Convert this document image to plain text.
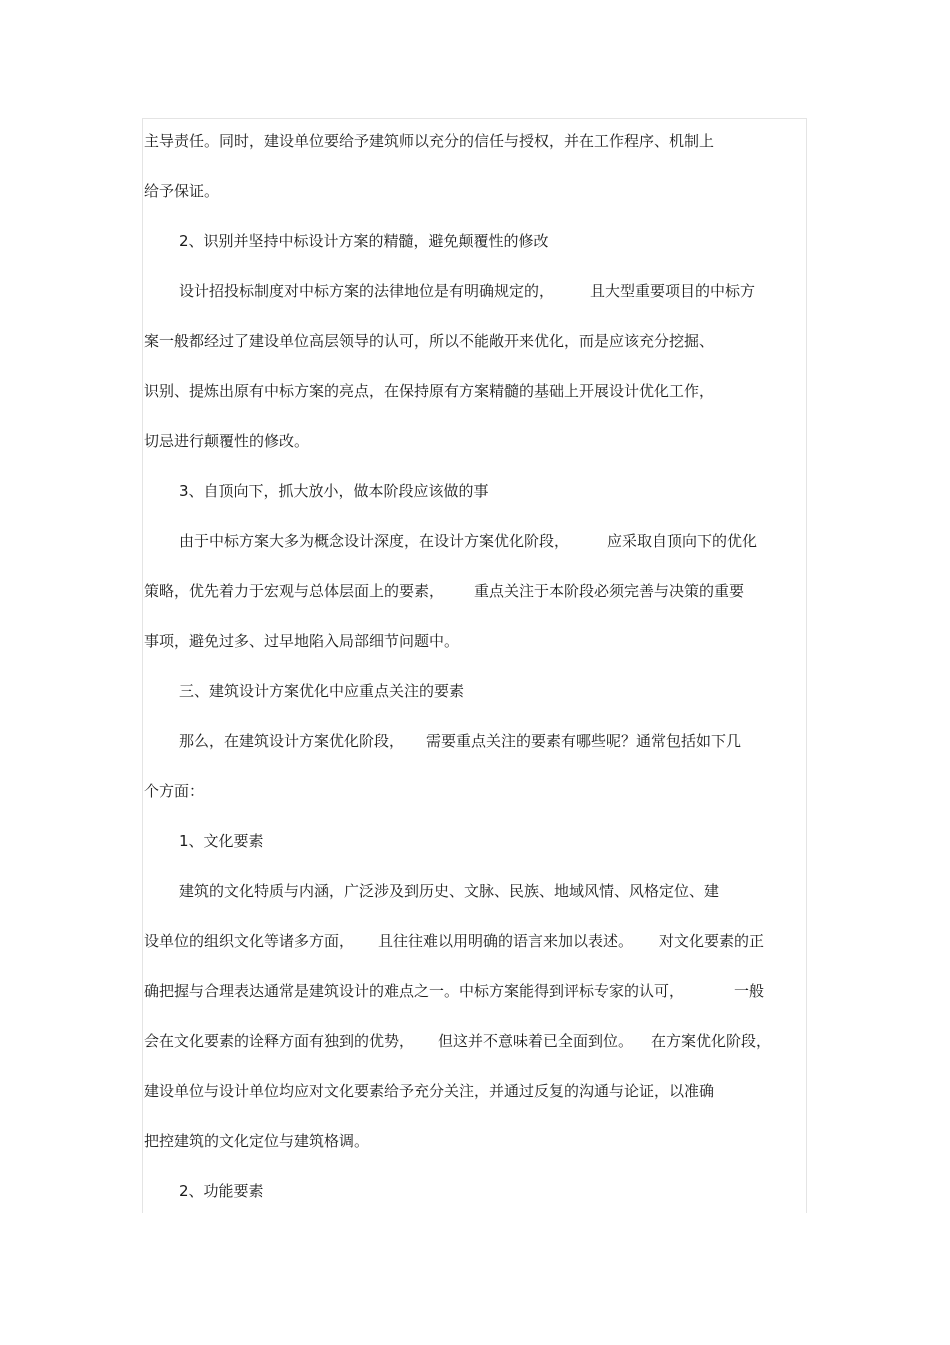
主导责任。同时，建设单位要给予建筑师以充分的信任与授权，并在工作程序、机制上

给予保证。

2、识别并坚持中标设计方案的精髓，避免颠覆性的修改

设计招投标制度对中标方案的法律地位是有明确规定的， 且大型重要项目的中标方

案一般都经过了建设单位高层领导的认可，所以不能敞开来优化，而是应该充分挖掘、

识别、提炼出原有中标方案的亮点，在保持原有方案精髓的基础上开展设计优化工作，

切忌进行颠覆性的修改。

3、自顶向下，抓大放小，做本阶段应该做的事

由于中标方案大多为概念设计深度，在设计方案优化阶段，	应采取自顶向下的优化

策略，优先着力于宏观与总体层面上的要素， 重点关注于本阶段必须完善与决策的重要

事项，避免过多、过早地陷入局部细节问题中。

三、建筑设计方案优化中应重点关注的要素

那么，在建筑设计方案优化阶段， 需要重点关注的要素有哪些呢？通常包括如下几

个方面：

1、文化要素

建筑的文化特质与内涵，广泛涉及到历史、文脉、民族、地域风情、风格定位、建

设单位的组织文化等诸多方面， 且往往难以用明确的语言来加以表述。 对文化要素的正

确把握与合理表达通常是建筑设计的难点之一。中标方案能得到评标专家的认可，	一般

会在文化要素的诠释方面有独到的优势， 但这并不意味着已全面到位。 在方案优化阶段，

建设单位与设计单位均应对文化要素给予充分关注，并通过反复的沟通与论证，以准确

把控建筑的文化定位与建筑格调。

2、功能要素
